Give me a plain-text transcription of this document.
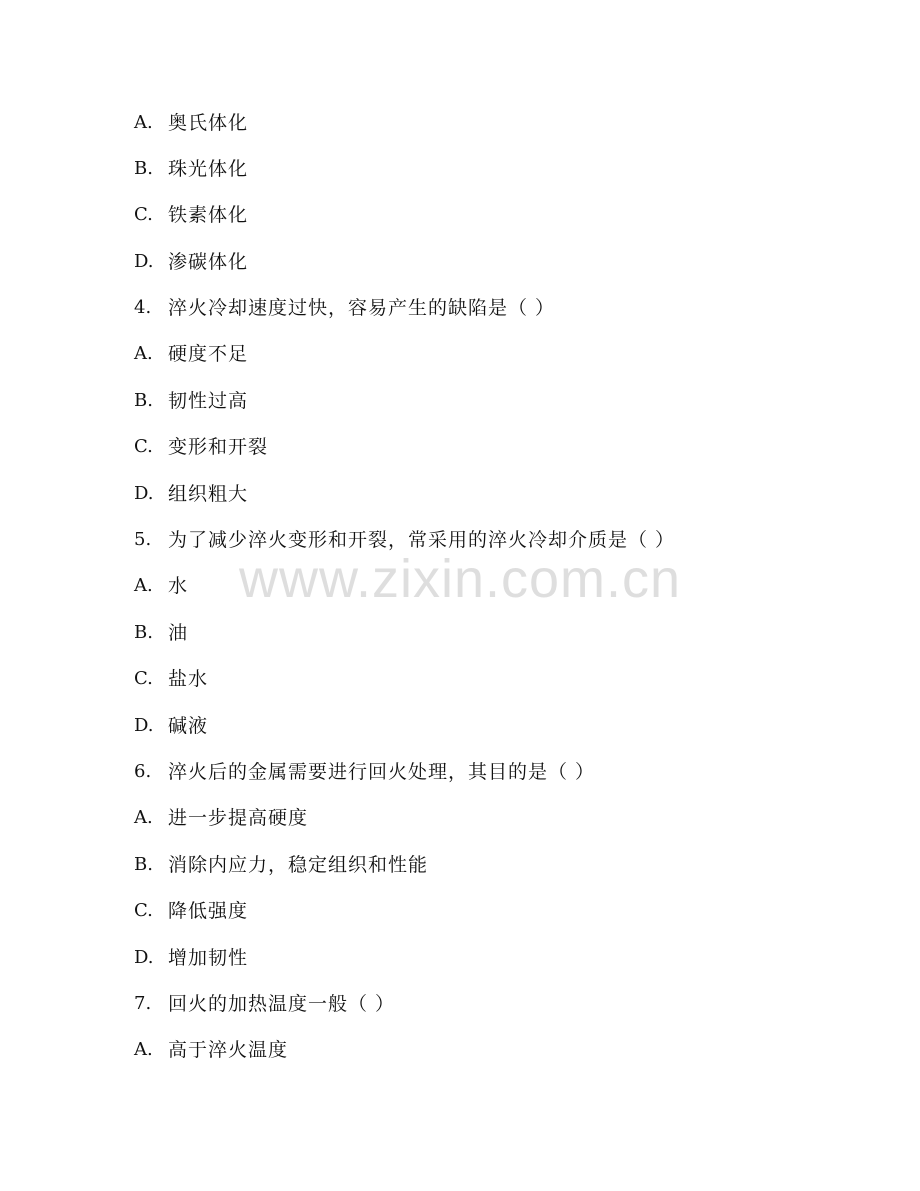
A. 奥氏体化
B. 珠光体化
C. 铁素体化
D. 渗碳体化
4. 淬火冷却速度过快，容易产生的缺陷是（ ）
A. 硬度不足
B. 韧性过高
C. 变形和开裂
D. 组织粗大
5. 为了减少淬火变形和开裂，常采用的淬火冷却介质是（ ）
A. 水
B. 油
C. 盐水
D. 碱液
6. 淬火后的金属需要进行回火处理，其目的是（ ）
A. 进一步提高硬度
B. 消除内应力，稳定组织和性能
C. 降低强度
D. 增加韧性
7. 回火的加热温度一般（ ）
A. 高于淬火温度
www.zixin.com.cn
